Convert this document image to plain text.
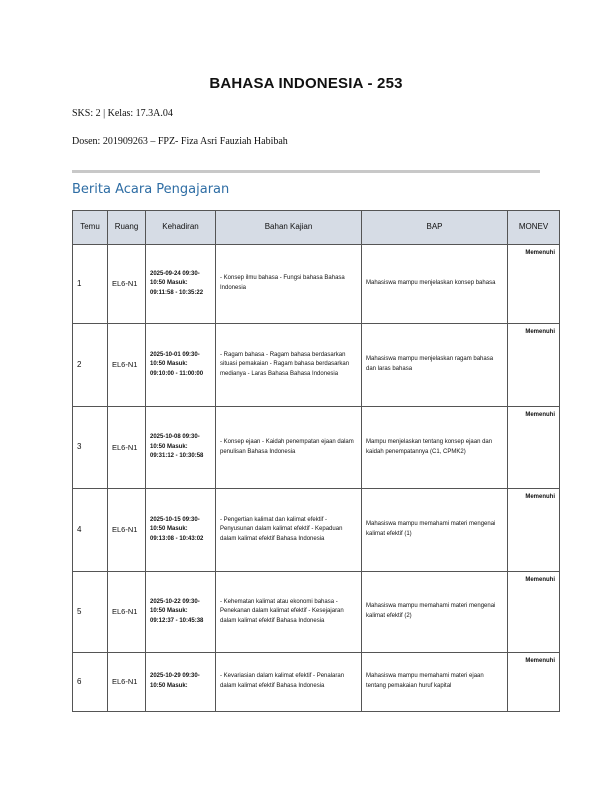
BAHASA INDONESIA - 253
SKS: 2 | Kelas: 17.3A.04
Dosen: 201909263 – FPZ- Fiza Asri Fauziah Habibah
Berita Acara Pengajaran
Temu	Ruang	Kehadiran	Bahan Kajian	BAP	MONEV
1	EL6-N1	2025-09-24 09:30-10:50 Masuk: 09:11:58 - 10:35:22	- Konsep ilmu bahasa - Fungsi bahasa Bahasa Indonesia	Mahasiswa mampu menjelaskan konsep bahasa	Memenuhi
2	EL6-N1	2025-10-01 09:30-10:50 Masuk: 09:10:00 - 11:00:00	- Ragam bahasa - Ragam bahasa berdasarkan situasi pemakaian - Ragam bahasa berdasarkan medianya - Laras Bahasa Bahasa Indonesia	Mahasiswa mampu menjelaskan ragam bahasa dan laras bahasa	Memenuhi
3	EL6-N1	2025-10-08 09:30-10:50 Masuk: 09:31:12 - 10:30:58	- Konsep ejaan - Kaidah penempatan ejaan dalam penulisan Bahasa Indonesia	Mampu menjelaskan tentang konsep ejaan dan kaidah penempatannya (C1, CPMK2)	Memenuhi
4	EL6-N1	2025-10-15 09:30-10:50 Masuk: 09:13:08 - 10:43:02	- Pengertian kalimat dan kalimat efektif - Penyusunan dalam kalimat efektif - Kepaduan dalam kalimat efektif Bahasa Indonesia	Mahasiswa mampu memahami materi mengenai kalimat efektif (1)	Memenuhi
5	EL6-N1	2025-10-22 09:30-10:50 Masuk: 09:12:37 - 10:45:38	- Kehematan kalimat atau ekonomi bahasa - Penekanan dalam kalimat efektif - Kesejajaran dalam kalimat efektif Bahasa Indonesia	Mahasiswa mampu memahami materi mengenai kalimat efektif (2)	Memenuhi
6	EL6-N1	2025-10-29 09:30-10:50 Masuk:	- Kevariasian dalam kalimat efektif - Penalaran dalam kalimat efektif Bahasa Indonesia	Mahasiswa mampu memahami materi ejaan tentang pemakaian huruf kapital	Memenuhi
